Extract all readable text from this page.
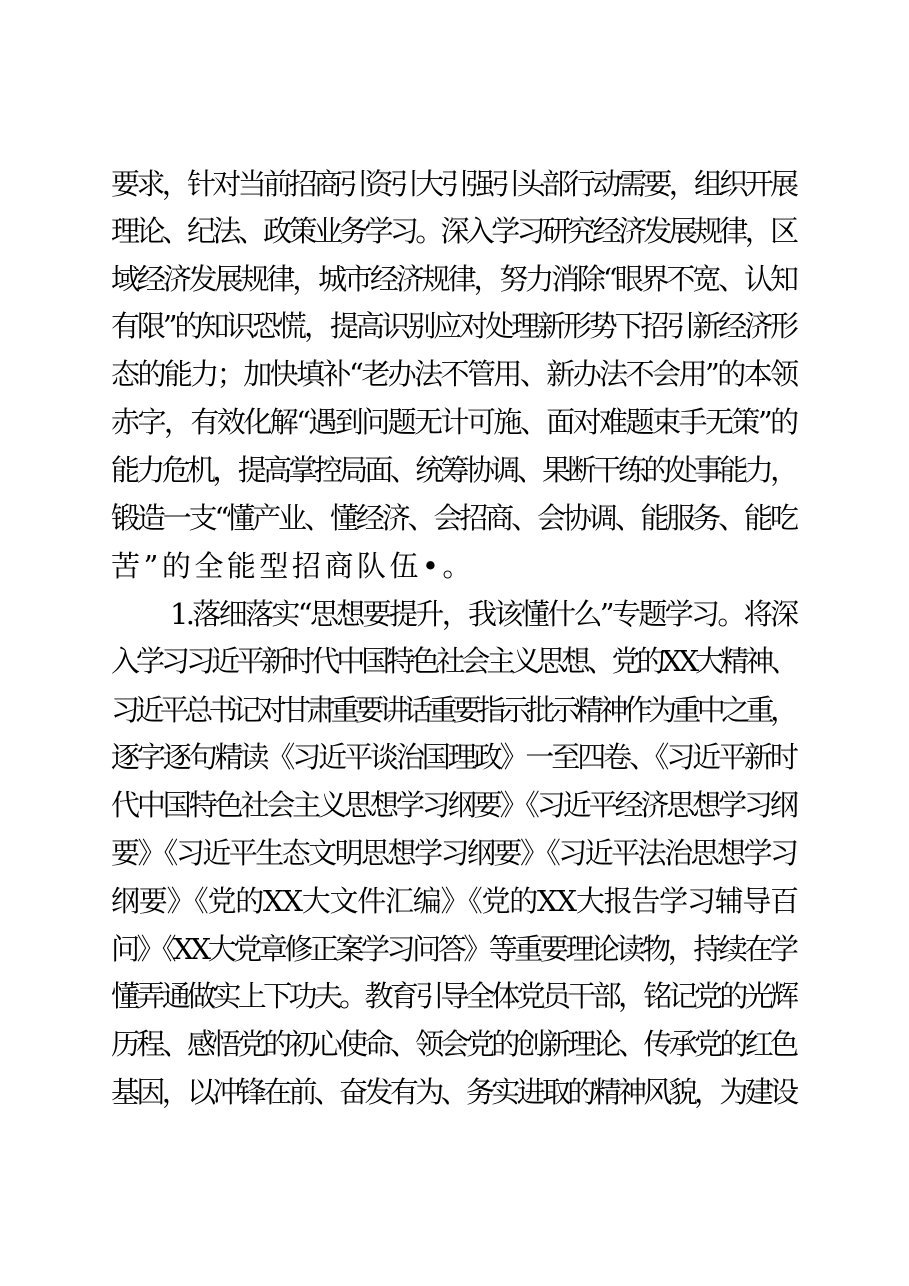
要求，针对当前招商引资引大引强引头部行动需要，组织开展
理论、纪法、政策业务学习。深入学习研究经济发展规律，区
域经济发展规律，城市经济规律，努力消除“眼界不宽、认知
有限”的知识恐慌，提高识别应对处理新形势下招引新经济形
态的能力；加快填补“老办法不管用、新办法不会用”的本领
赤字，有效化解“遇到问题无计可施、面对难题束手无策”的
能力危机，提高掌控局面、统筹协调、果断干练的处事能力，
锻造一支“懂产业、懂经济、会招商、会协调、能服务、能吃
苦”的全能型招商队伍•。
1.落细落实“思想要提升，我该懂什么”专题学习。将深
入学习习近平新时代中国特色社会主义思想、党的XX大精神、
习近平总书记对甘肃重要讲话重要指示批示精神作为重中之重，
逐字逐句精读《习近平谈治国理政》一至四卷、《习近平新时
代中国特色社会主义思想学习纲要》《习近平经济思想学习纲
要》《习近平生态文明思想学习纲要》《习近平法治思想学习
纲要》《党的XX大文件汇编》《党的XX大报告学习辅导百
问》《XX大党章修正案学习问答》等重要理论读物，持续在学
懂弄通做实上下功夫。教育引导全体党员干部，铭记党的光辉
历程、感悟党的初心使命、领会党的创新理论、传承党的红色
基因，以冲锋在前、奋发有为、务实进取的精神风貌，为建设
